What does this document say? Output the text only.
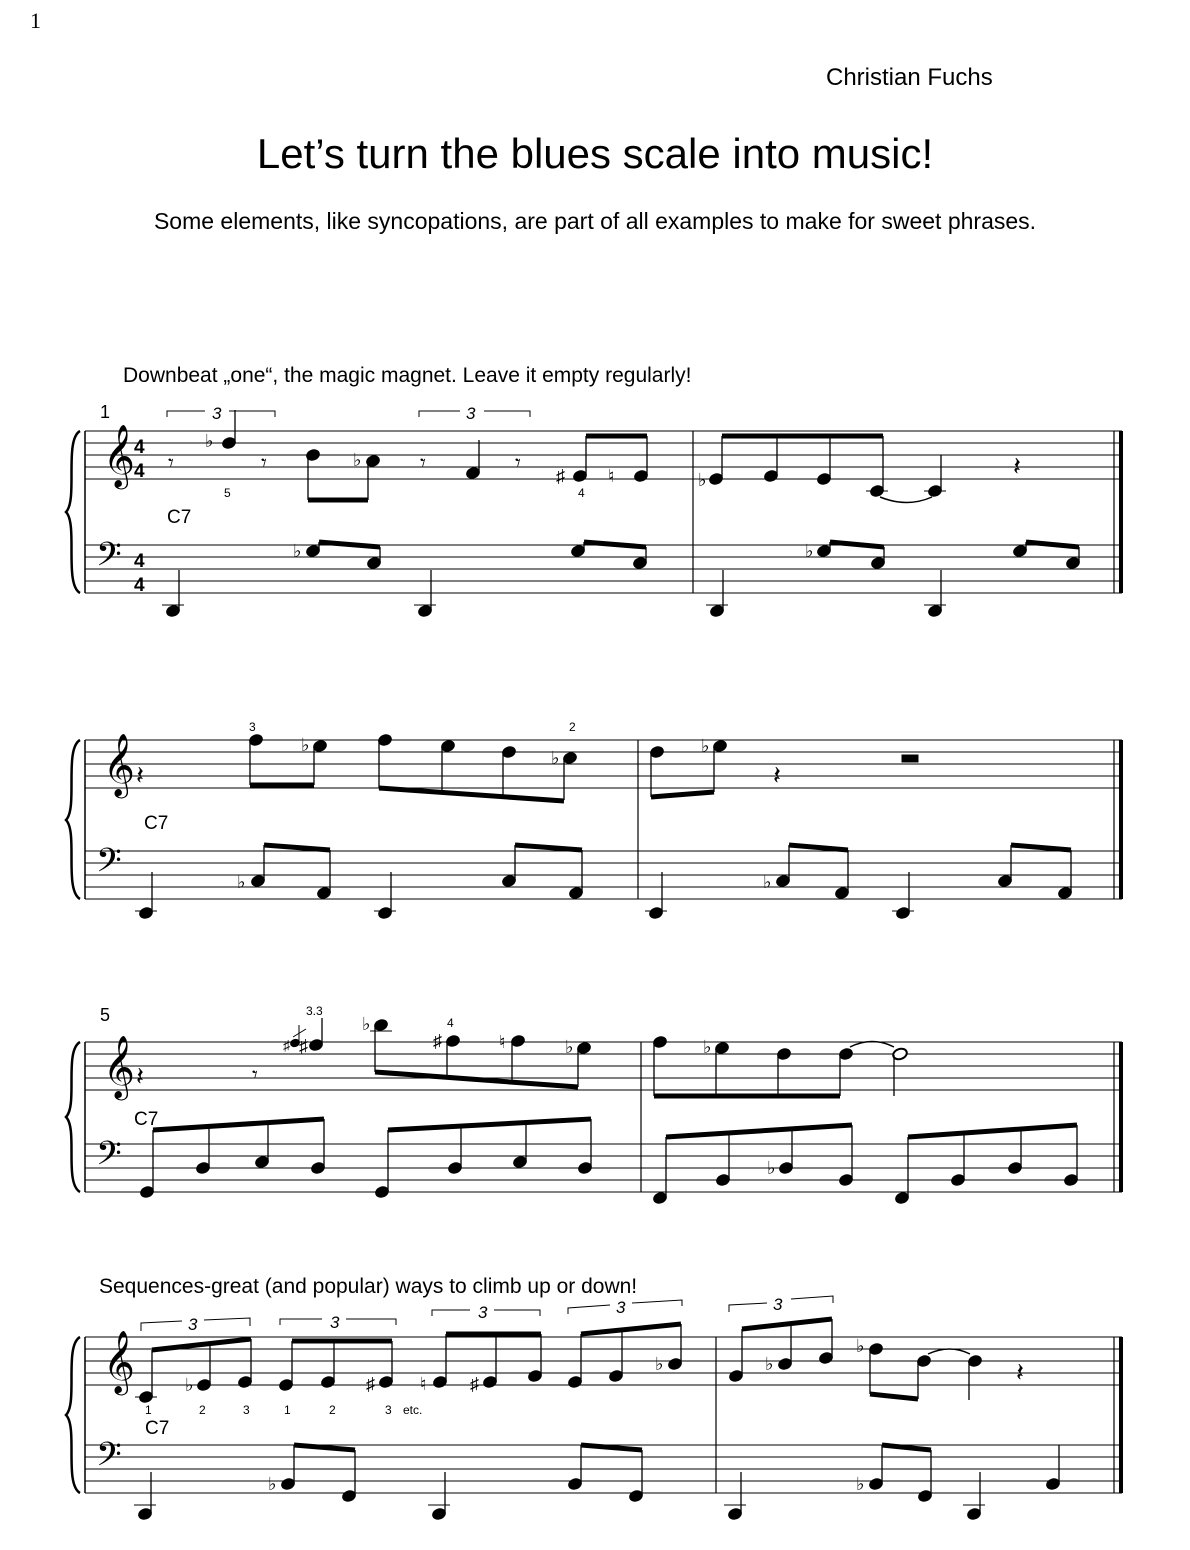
1
Christian Fuchs
Let’s turn the blues scale into music!
Some elements, like syncopations, are part of all examples to make for sweet phrases.
Downbeat „one“, the magic magnet. Leave it empty regularly!
Sequences-great (and popular) ways to climb up or down!
𝄞
𝄢
4
4
4
4
1
C7
3	3
𝄾
♭
5
𝄾	♭	𝄾	𝄾
♯
4
♮	♭	𝄽
♭	♭
𝄞
𝄢
C7
𝄽
3
♭
2
♭
♭
𝄽
♭	♭
𝄞
𝄢
5
C7
𝄽	𝄾
3.3
♯ ♯
♭	4
♯	♮	♭	♭
♭
𝄞
𝄢
C7
3	3
3	3	3
1	2	3	1	2	3 etc.
♭	♯	♮ ♯
♭	♭
♭
𝄽
♭	♭
